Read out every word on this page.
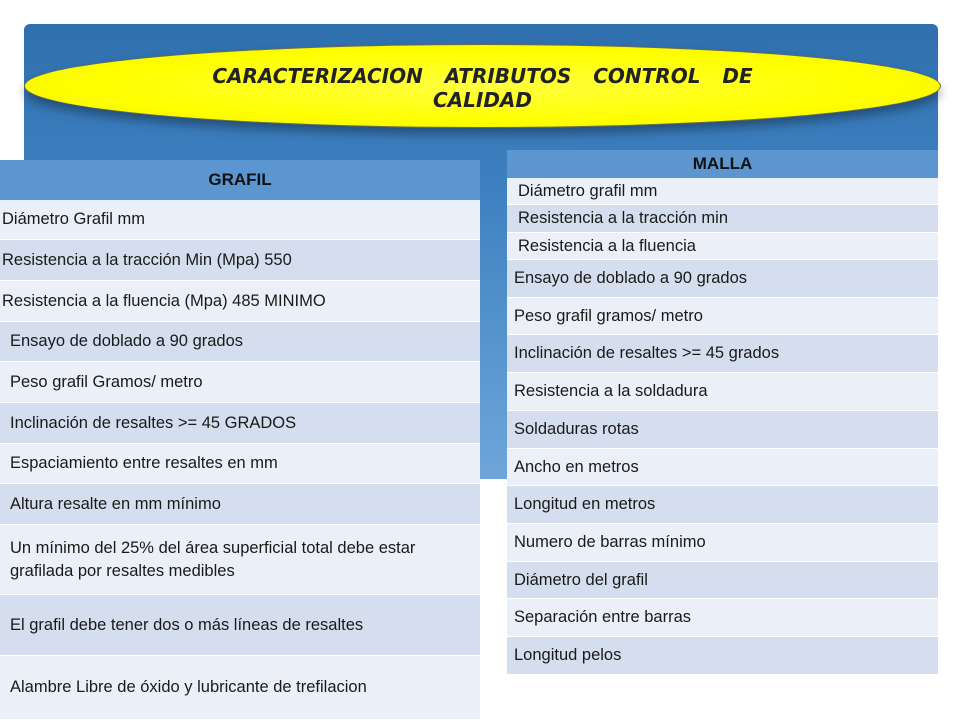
CARACTERIZACION  ATRIBUTOS  CONTROL  DE CALIDAD
GRAFIL
Diámetro Grafil mm
Resistencia a la tracción Min (Mpa) 550
Resistencia a la fluencia (Mpa) 485 MINIMO
Ensayo de doblado a 90 grados
Peso grafil Gramos/ metro
Inclinación de resaltes >= 45 GRADOS
Espaciamiento entre resaltes en mm
Altura resalte en mm mínimo
Un mínimo del 25% del área superficial total debe estar grafilada por resaltes medibles
El grafil debe tener dos o más líneas de resaltes
Alambre Libre de óxido y lubricante de trefilacion
MALLA
Diámetro grafil mm
Resistencia a la tracción min
Resistencia a la fluencia
Ensayo de doblado a 90 grados
Peso grafil gramos/ metro
Inclinación de resaltes >= 45 grados
Resistencia a la soldadura
Soldaduras rotas
Ancho en metros
Longitud en metros
Numero de barras mínimo
Diámetro del grafil
Separación entre barras
Longitud pelos
